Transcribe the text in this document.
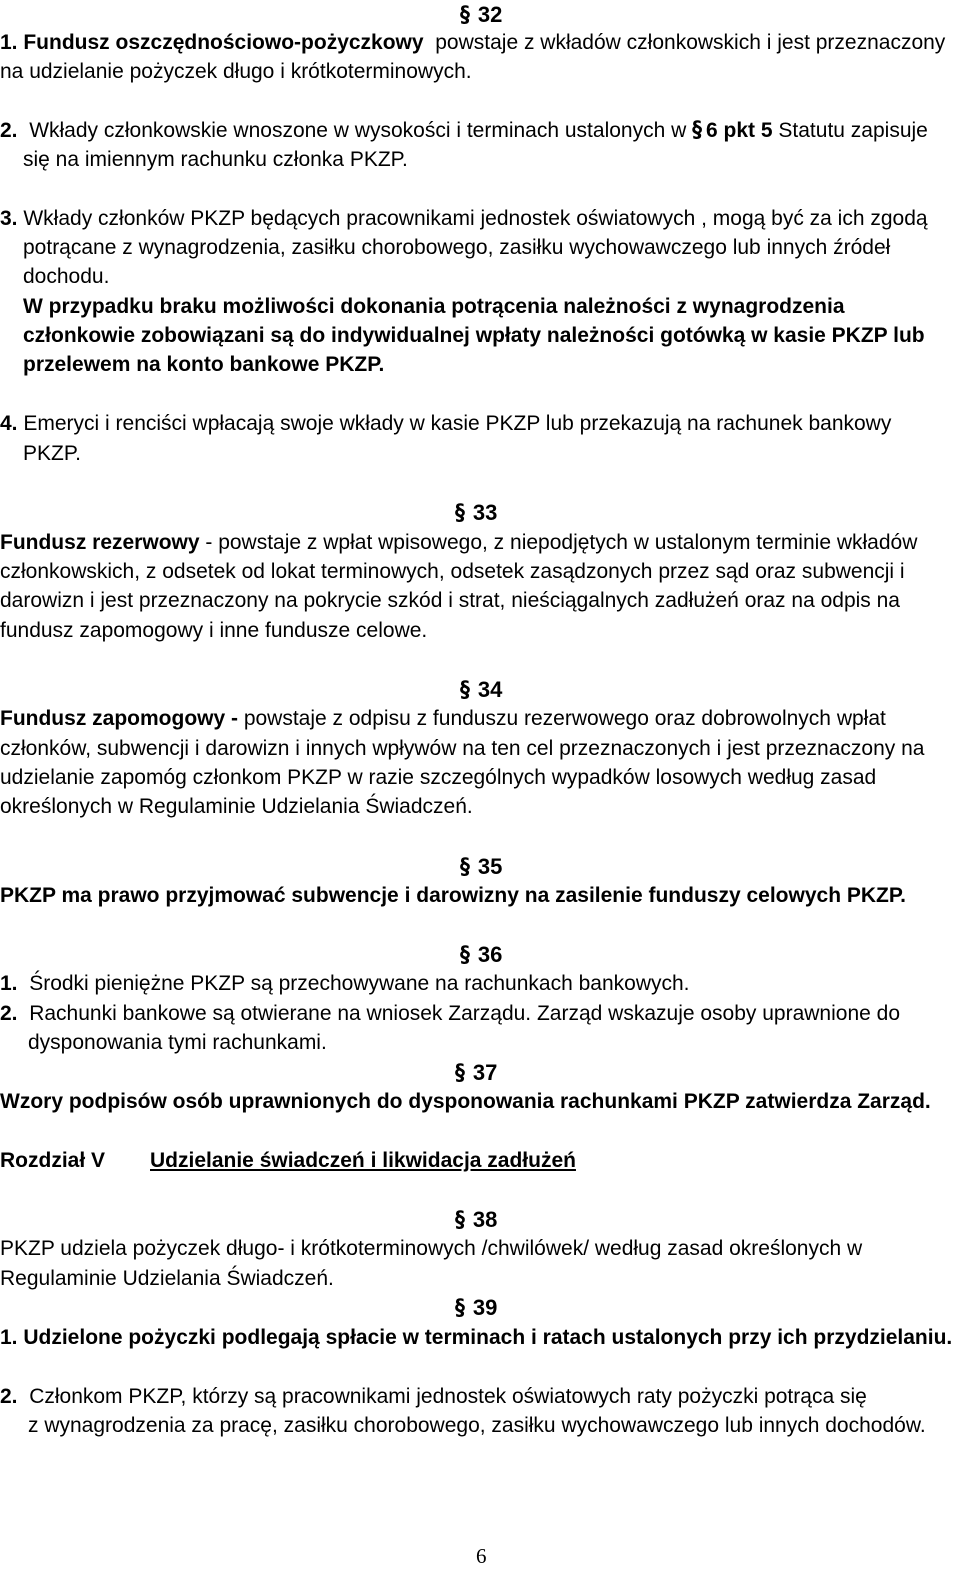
§ 32
1. Fundusz oszczędnościowo-pożyczkowy powstaje z wkładów członkowskich i jest przeznaczony
na udzielanie pożyczek długo i krótkoterminowych.
2. Wkłady członkowskie wnoszone w wysokości i terminach ustalonych w § 6 pkt 5 Statutu zapisuje
się na imiennym rachunku członka PKZP.
3. Wkłady członków PKZP będących pracownikami jednostek oświatowych , mogą być za ich zgodą
potrącane z wynagrodzenia, zasiłku chorobowego, zasiłku wychowawczego lub innych źródeł
dochodu.
W przypadku braku możliwości dokonania potrącenia należności z wynagrodzenia
członkowie zobowiązani są do indywidualnej wpłaty należności gotówką w kasie PKZP lub
przelewem na konto bankowe PKZP.
4. Emeryci i renciści wpłacają swoje wkłady w kasie PKZP lub przekazują na rachunek bankowy
PKZP.
§ 33
Fundusz rezerwowy - powstaje z wpłat wpisowego, z niepodjętych w ustalonym terminie wkładów
członkowskich, z odsetek od lokat terminowych, odsetek zasądzonych przez sąd oraz subwencji i
darowizn i jest przeznaczony na pokrycie szkód i strat, nieściągalnych zadłużeń oraz na odpis na
fundusz zapomogowy i inne fundusze celowe.
§ 34
Fundusz zapomogowy - powstaje z odpisu z funduszu rezerwowego oraz dobrowolnych wpłat
członków, subwencji i darowizn i innych wpływów na ten cel przeznaczonych i jest przeznaczony na
udzielanie zapomóg członkom PKZP w razie szczególnych wypadków losowych według zasad
określonych w Regulaminie Udzielania Świadczeń.
§ 35
PKZP ma prawo przyjmować subwencje i darowizny na zasilenie funduszy celowych PKZP.
§ 36
1. Środki pieniężne PKZP są przechowywane na rachunkach bankowych.
2. Rachunki bankowe są otwierane na wniosek Zarządu. Zarząd wskazuje osoby uprawnione do
dysponowania tymi rachunkami.
§ 37
Wzory podpisów osób uprawnionych do dysponowania rachunkami PKZP zatwierdza Zarząd.
Rozdział V Udzielanie świadczeń i likwidacja zadłużeń
§ 38
PKZP udziela pożyczek długo- i krótkoterminowych /chwilówek/ według zasad określonych w
Regulaminie Udzielania Świadczeń.
§ 39
1. Udzielone pożyczki podlegają spłacie w terminach i ratach ustalonych przy ich przydzielaniu.
2. Członkom PKZP, którzy są pracownikami jednostek oświatowych raty pożyczki potrąca się
z wynagrodzenia za pracę, zasiłku chorobowego, zasiłku wychowawczego lub innych dochodów.
6
